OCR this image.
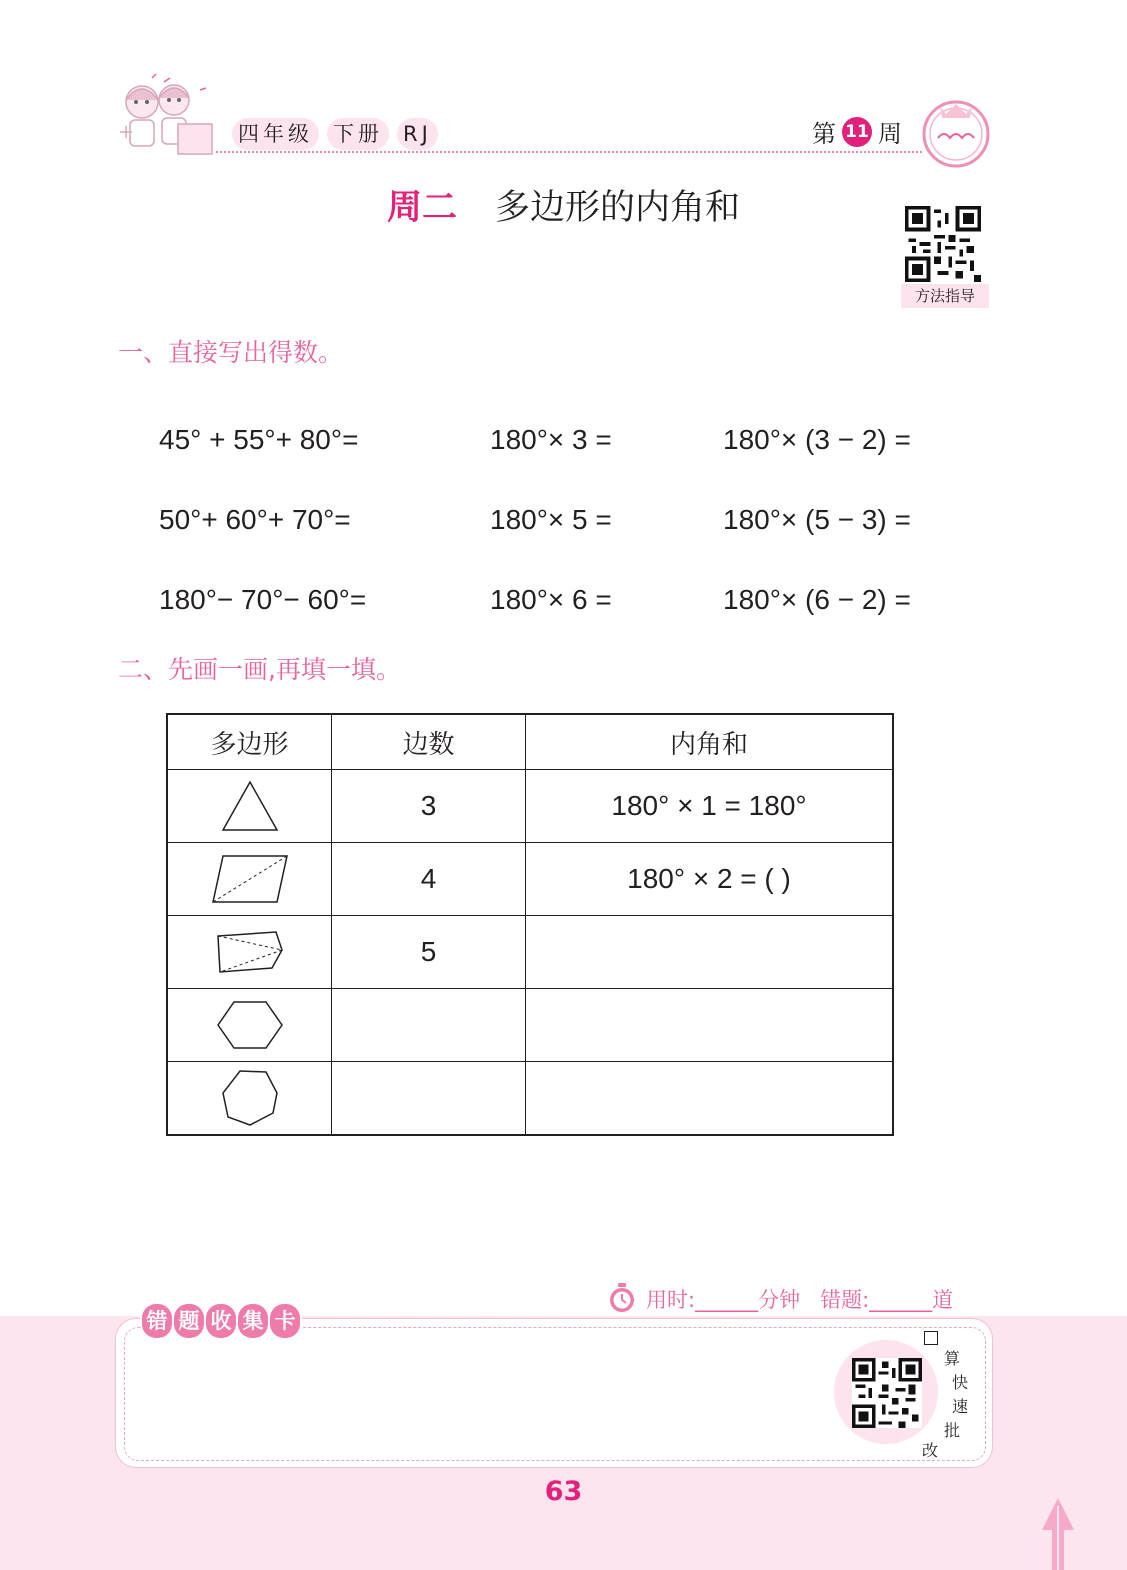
四年级 下册 RJ	第 11 周
周二 多边形的内角和
方法指导
一、直接写出得数。
45° + 55°+ 80°=	180°× 3 =	180°× (3 − 2) =
50°+ 60°+ 70°=	180°× 5 =	180°× (5 − 3) =
180°− 70°− 60°=	180°× 6 =	180°× (6 − 2) =
二、先画一画,再填一填。
多边形	边数	内角和

	3	180° × 1 = 180°

	4	180° × 2 = ( )

	5	

用时:______分钟   错题:______道
错 题 收 集 卡
算
快
速
批
改
63
